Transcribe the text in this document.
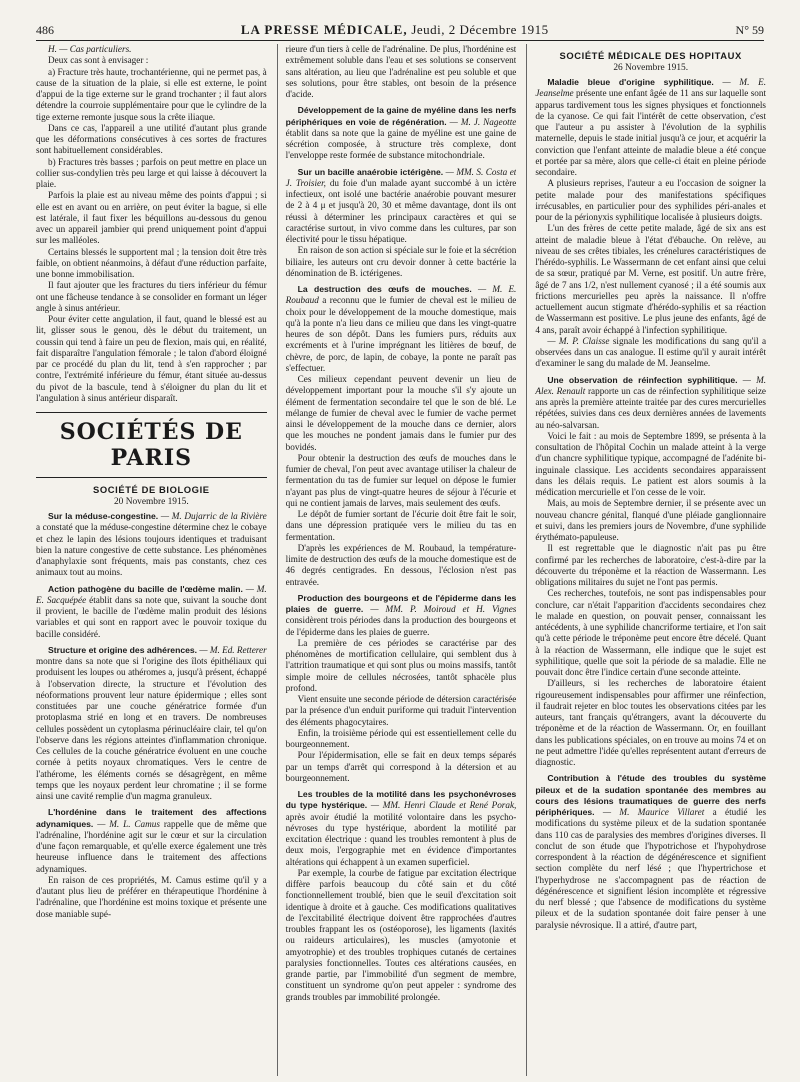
486	LA PRESSE MÉDICALE, Jeudi, 2 Décembre 1915	N° 59

H. — Cas particuliers.

Deux cas sont à envisager :

a) Fracture très haute, trochantérienne, qui ne permet pas, à cause de la situation de la plaie, si elle est externe, le point d'appui de la tige externe sur le grand trochanter ; il faut alors détendre la courroie supplémentaire pour que le cylindre de la tige externe remonte jusque sous la crête iliaque.

Dans ce cas, l'appareil a une utilité d'autant plus grande que les déformations consécutives à ces sortes de fractures sont habituellement considérables.

b) Fractures très basses ; parfois on peut mettre en place un collier sus-condylien très peu large et qui laisse à découvert la plaie.

Parfois la plaie est au niveau même des points d'appui ; si elle est en avant ou en arrière, on peut éviter la bague, si elle est latérale, il faut fixer les béquillons au-dessous du genou avec un appareil jambier qui prend uniquement point d'appui sur les malléoles.

Certains blessés le supportent mal ; la tension doit être très faible, on obtient néanmoins, à défaut d'une réduction parfaite, une bonne immobilisation.

Il faut ajouter que les fractures du tiers inférieur du fémur ont une fâcheuse tendance à se consolider en formant un léger angle à sinus antérieur.

Pour éviter cette angulation, il faut, quand le blessé est au lit, glisser sous le genou, dès le début du traitement, un coussin qui tend à faire un peu de flexion, mais qui, en réalité, fait disparaître l'angulation fémorale ; le talon d'abord éloigné par ce procédé du plan du lit, tend à s'en rapprocher ; par contre, l'extrémité inférieure du fémur, étant située au-dessus du pivot de la bascule, tend à s'éloigner du plan du lit et l'angulation à sinus antérieur disparaît.

SOCIÉTÉS DE PARIS
SOCIÉTÉ DE BIOLOGIE
20 Novembre 1915.

Sur la méduse-congestine. — M. Dujarric de la Rivière a constaté que la méduse-congestine détermine chez le cobaye et chez le lapin des lésions toujours identiques et traduisant bien la nature congestive de cette substance. Les phénomènes d'anaphylaxie sont fréquents, mais pas constants, chez ces animaux tout au moins.

Action pathogène du bacille de l'œdème malin. — M. E. Sacquépée établit dans sa note que, suivant la souche dont il provient, le bacille de l'œdème malin produit des lésions variables et qui sont en rapport avec le pouvoir toxique du bacille considéré.

Structure et origine des adhérences. — M. Ed. Retterer montre dans sa note que si l'origine des îlots épithéliaux qui produisent les loupes ou athéromes a, jusqu'à présent, échappé à l'observation directe, la structure et l'évolution des néoformations prouvent leur nature épidermique ; elles sont constituées par une couche génératrice formée d'un protoplasma strié en long et en travers. De nombreuses cellules possèdent un cytoplasma périnucléaire clair, tel qu'on l'observe dans les régions atteintes d'inflammation chronique. Ces cellules de la couche génératrice évoluent en une couche cornée à petits noyaux chromatiques. Vers le centre de l'athérome, les éléments cornés se désagrègent, en même temps que les noyaux perdent leur chromatine ; il se forme ainsi une cavité remplie d'un magma granuleux.

L'hordénine dans le traitement des affections adynamiques. — M. L. Camus rappelle que de même que l'adrénaline, l'hordénine agit sur le cœur et sur la circulation d'une façon remarquable, et qu'elle exerce également une très heureuse influence dans le traitement des affections adynamiques.

En raison de ces propriétés, M. Camus estime qu'il y a d'autant plus lieu de préférer en thérapeutique l'hordénine à l'adrénaline, que l'hordénine est moins toxique et présente une dose maniable supé-

rieure d'un tiers à celle de l'adrénaline. De plus, l'hordénine est extrêmement soluble dans l'eau et ses solutions se conservent sans altération, au lieu que l'adrénaline est peu soluble et que ses solutions, pour être stables, ont besoin de la présence d'acide.

Développement de la gaine de myéline dans les nerfs périphériques en voie de régénération. — M. J. Nageotte établit dans sa note que la gaine de myéline est une gaine de sécrétion composée, à structure très complexe, dont l'enveloppe reste formée de substance mitochondriale.

Sur un bacille anaérobie ictérigène. — MM. S. Costa et J. Troisier, du foie d'un malade ayant succombé à un ictère infectieux, ont isolé une bactérie anaérobie pouvant mesurer de 2 à 4 μ et jusqu'à 20, 30 et même davantage, dont ils ont réussi à déterminer les principaux caractères et qui se caractérise surtout, in vivo comme dans les cultures, par son électivité pour le tissu hépatique.

En raison de son action si spéciale sur le foie et la sécrétion biliaire, les auteurs ont cru devoir donner à cette bactérie la dénomination de B. ictérigenes.

La destruction des œufs de mouches. — M. E. Roubaud a reconnu que le fumier de cheval est le milieu de choix pour le développement de la mouche domestique, mais qu'à la ponte n'a lieu dans ce milieu que dans les vingt-quatre heures de son dépôt. Dans les fumiers purs, réduits aux excréments et à l'urine imprégnant les litières de bœuf, de chèvre, de porc, de lapin, de cobaye, la ponte ne paraît pas s'effectuer.

Ces milieux cependant peuvent devenir un lieu de développement important pour la mouche s'il s'y ajoute un élément de fermentation secondaire tel que le son de blé. Le mélange de fumier de cheval avec le fumier de vache permet ainsi le développement de la mouche dans ce dernier, alors que les mouches ne pondent jamais dans le fumier pur des bovidés.

Pour obtenir la destruction des œufs de mouches dans le fumier de cheval, l'on peut avec avantage utiliser la chaleur de fermentation du tas de fumier sur lequel on dépose le fumier n'ayant pas plus de vingt-quatre heures de séjour à l'écurie et qui ne contient jamais de larves, mais seulement des œufs.

Le dépôt de fumier sortant de l'écurie doit être fait le soir, dans une dépression pratiquée vers le milieu du tas en fermentation.

D'après les expériences de M. Roubaud, la température-limite de destruction des œufs de la mouche domestique est de 46 degrés centigrades. En dessous, l'éclosion n'est pas entravée.

Production des bourgeons et de l'épiderme dans les plaies de guerre. — MM. P. Moiroud et H. Vignes considèrent trois périodes dans la production des bourgeons et de l'épiderme dans les plaies de guerre.

La première de ces périodes se caractérise par des phénomènes de mortification cellulaire, qui semblent dus à l'attrition traumatique et qui sont plus ou moins massifs, tantôt simple moire de cellules nécrosées, tantôt sphacèle plus profond.

Vient ensuite une seconde période de détersion caractérisée par la présence d'un enduit puriforme qui traduit l'intervention des éléments phagocytaires.

Enfin, la troisième période qui est essentiellement celle du bourgeonnement.

Pour l'épidermisation, elle se fait en deux temps séparés par un temps d'arrêt qui correspond à la détersion et au bourgeonnement.

Les troubles de la motilité dans les psychonévroses du type hystérique. — MM. Henri Claude et René Porak, après avoir étudié la motilité volontaire dans les psycho-névroses du type hystérique, abordent la motilité par excitation électrique : quand les troubles remontent à plus de deux mois, l'ergographie met en évidence d'importantes altérations qui échappent à un examen superficiel.

Par exemple, la courbe de fatigue par excitation électrique diffère parfois beaucoup du côté sain et du côté fonctionnellement troublé, bien que le seuil d'excitation soit identique à droite et à gauche. Ces modifications qualitatives de l'excitabilité électrique doivent être rapprochées d'autres troubles frappant les os (ostéoporose), les ligaments (laxités ou raideurs articulaires), les muscles (amyotonie et amyotrophie) et des troubles trophiques cutanés de certaines paralysies fonctionnelles. Toutes ces altérations causées, en grande partie, par l'immobilité d'un segment de membre, constituent un syndrome qu'on peut appeler : syndrome des grands troubles par immobilité prolongée.

SOCIÉTÉ MÉDICALE DES HOPITAUX
26 Novembre 1915.

Maladie bleue d'origine syphilitique. — M. E. Jeanselme présente une enfant âgée de 11 ans sur laquelle sont apparus tardivement tous les signes physiques et fonctionnels de la cyanose. Ce qui fait l'intérêt de cette observation, c'est que l'auteur a pu assister à l'évolution de la syphilis maternelle, depuis le stade initial jusqu'à ce jour, et acquérir la conviction que l'enfant atteinte de maladie bleue a été conçue et portée par sa mère, alors que celle-ci était en pleine période secondaire.

A plusieurs reprises, l'auteur a eu l'occasion de soigner la petite malade pour des manifestations spécifiques irrécusables, en particulier pour des syphilides péri-anales et pour de la périonyxis syphilitique localisée à plusieurs doigts.

L'un des frères de cette petite malade, âgé de six ans est atteint de maladie bleue à l'état d'ébauche. On relève, au niveau de ses crêtes tibiales, les crénelures caractéristiques de l'hérédo-syphilis. Le Wassermann de cet enfant ainsi que celui de sa sœur, pratiqué par M. Verne, est positif. Un autre frère, âgé de 7 ans 1/2, n'est nullement cyanosé ; il a été soumis aux frictions mercurielles peu après la naissance. Il n'offre actuellement aucun stigmate d'hérédo-syphilis et sa réaction de Wassermann est positive. Le plus jeune des enfants, âgé de 4 ans, paraît avoir échappé à l'infection syphilitique.

— M. P. Claisse signale les modifications du sang qu'il a observées dans un cas analogue. Il estime qu'il y aurait intérêt d'examiner le sang du malade de M. Jeanselme.

Une observation de réinfection syphilitique. — M. Alex. Renault rapporte un cas de réinfection syphilitique seize ans après la première atteinte traitée par des cures mercurielles répétées, suivies dans ces deux dernières années de lavements au néo-salvarsan.

Voici le fait : au mois de Septembre 1899, se présenta à la consultation de l'hôpital Cochin un malade atteint à la verge d'un chancre syphilitique typique, accompagné de l'adénite bi-inguinale classique. Les accidents secondaires apparaissent dans les délais requis. Le patient est alors soumis à la médication mercurielle et l'on cesse de le voir.

Mais, au mois de Septembre dernier, il se présente avec un nouveau chancre génital, flanqué d'une pléiade ganglionnaire et suivi, dans les premiers jours de Novembre, d'une syphilide érythémato-papuleuse.

Il est regrettable que le diagnostic n'ait pas pu être confirmé par les recherches de laboratoire, c'est-à-dire par la découverte du tréponème et la réaction de Wassermann. Les obligations militaires du sujet ne l'ont pas permis.

Ces recherches, toutefois, ne sont pas indispensables pour conclure, car n'était l'apparition d'accidents secondaires chez le malade en question, on pouvait penser, connaissant les antécédents, à une syphilide chancriforme tertiaire, et l'on sait qu'à cette période le tréponème peut encore être décelé. Quant à la réaction de Wassermann, elle indique que le sujet est syphilitique, quelle que soit la période de sa maladie. Elle ne pouvait donc être l'indice certain d'une seconde atteinte.

D'ailleurs, si les recherches de laboratoire étaient rigoureusement indispensables pour affirmer une réinfection, il faudrait rejeter en bloc toutes les observations citées par les auteurs, tant français qu'étrangers, avant la découverte du tréponème et de la réaction de Wassermann. Or, en fouillant dans les publications spéciales, on en trouve au moins 74 et on ne peut admettre l'idée qu'elles représentent autant d'erreurs de diagnostic.

Contribution à l'étude des troubles du système pileux et de la sudation spontanée des membres au cours des lésions traumatiques de guerre des nerfs périphériques. — M. Maurice Villaret a étudié les modifications du système pileux et de la sudation spontanée dans 110 cas de paralysies des membres d'origines diverses. Il conclut de son étude que l'hypotrichose et l'hypohydrose correspondent à la réaction de dégénérescence et signifient section complète du nerf lésé ; que l'hypertrichose et l'hyperhydrose ne s'accompagnent pas de réaction de dégénérescence et signifient lésion incomplète et régressive du nerf blessé ; que l'absence de modifications du système pileux et de la sudation spontanée doit faire penser à une paralysie névrosique. Il a attiré, d'autre part,
